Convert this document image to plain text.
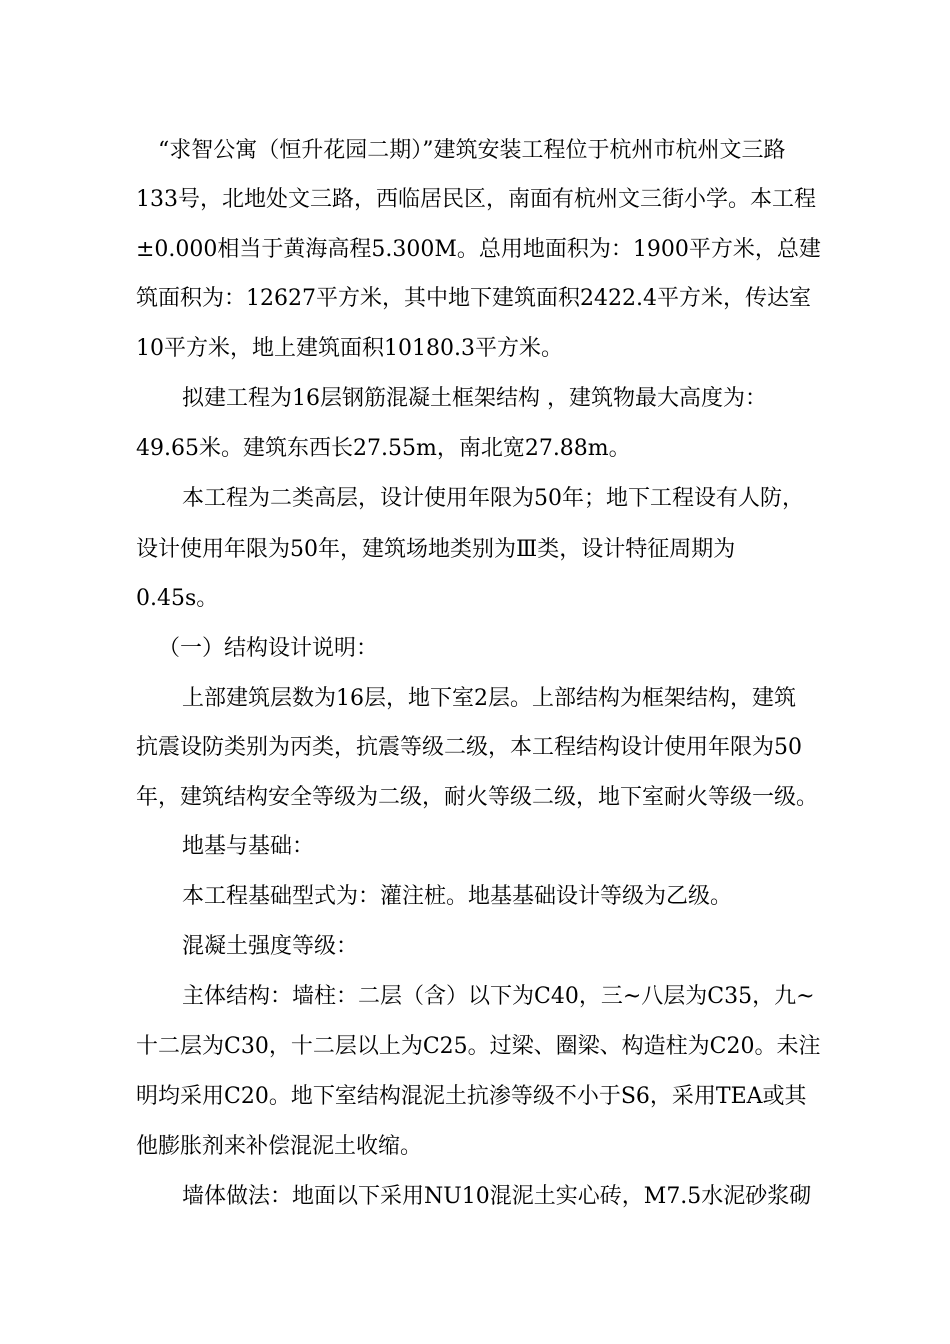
“求智公寓（恒升花园二期）”建筑安装工程位于杭州市杭州文三路
133号，北地处文三路，西临居民区，南面有杭州文三街小学。本工程
±0.000相当于黄海高程5.300M。总用地面积为：1900平方米，总建
筑面积为：12627平方米，其中地下建筑面积2422.4平方米，传达室
10平方米，地上建筑面积10180.3平方米。
拟建工程为16层钢筋混凝土框架结构 ，建筑物最大高度为：
49.65米。建筑东西长27.55m，南北宽27.88m。
本工程为二类高层，设计使用年限为50年；地下工程设有人防，
设计使用年限为50年，建筑场地类别为Ⅲ类，设计特征周期为
0.45s。
（一）结构设计说明：
上部建筑层数为16层，地下室2层。上部结构为框架结构，建筑
抗震设防类别为丙类，抗震等级二级，本工程结构设计使用年限为50
年，建筑结构安全等级为二级，耐火等级二级，地下室耐火等级一级。
地基与基础：
本工程基础型式为：灌注桩。地基基础设计等级为乙级。
混凝土强度等级：
主体结构：墙柱：二层（含）以下为C40，三~八层为C35，九~
十二层为C30，十二层以上为C25。过梁、圈梁、构造柱为C20。未注
明均采用C20。地下室结构混泥土抗渗等级不小于S6，采用TEA或其
他膨胀剂来补偿混泥土收缩。
墙体做法：地面以下采用NU10混泥土实心砖，M7.5水泥砂浆砌
